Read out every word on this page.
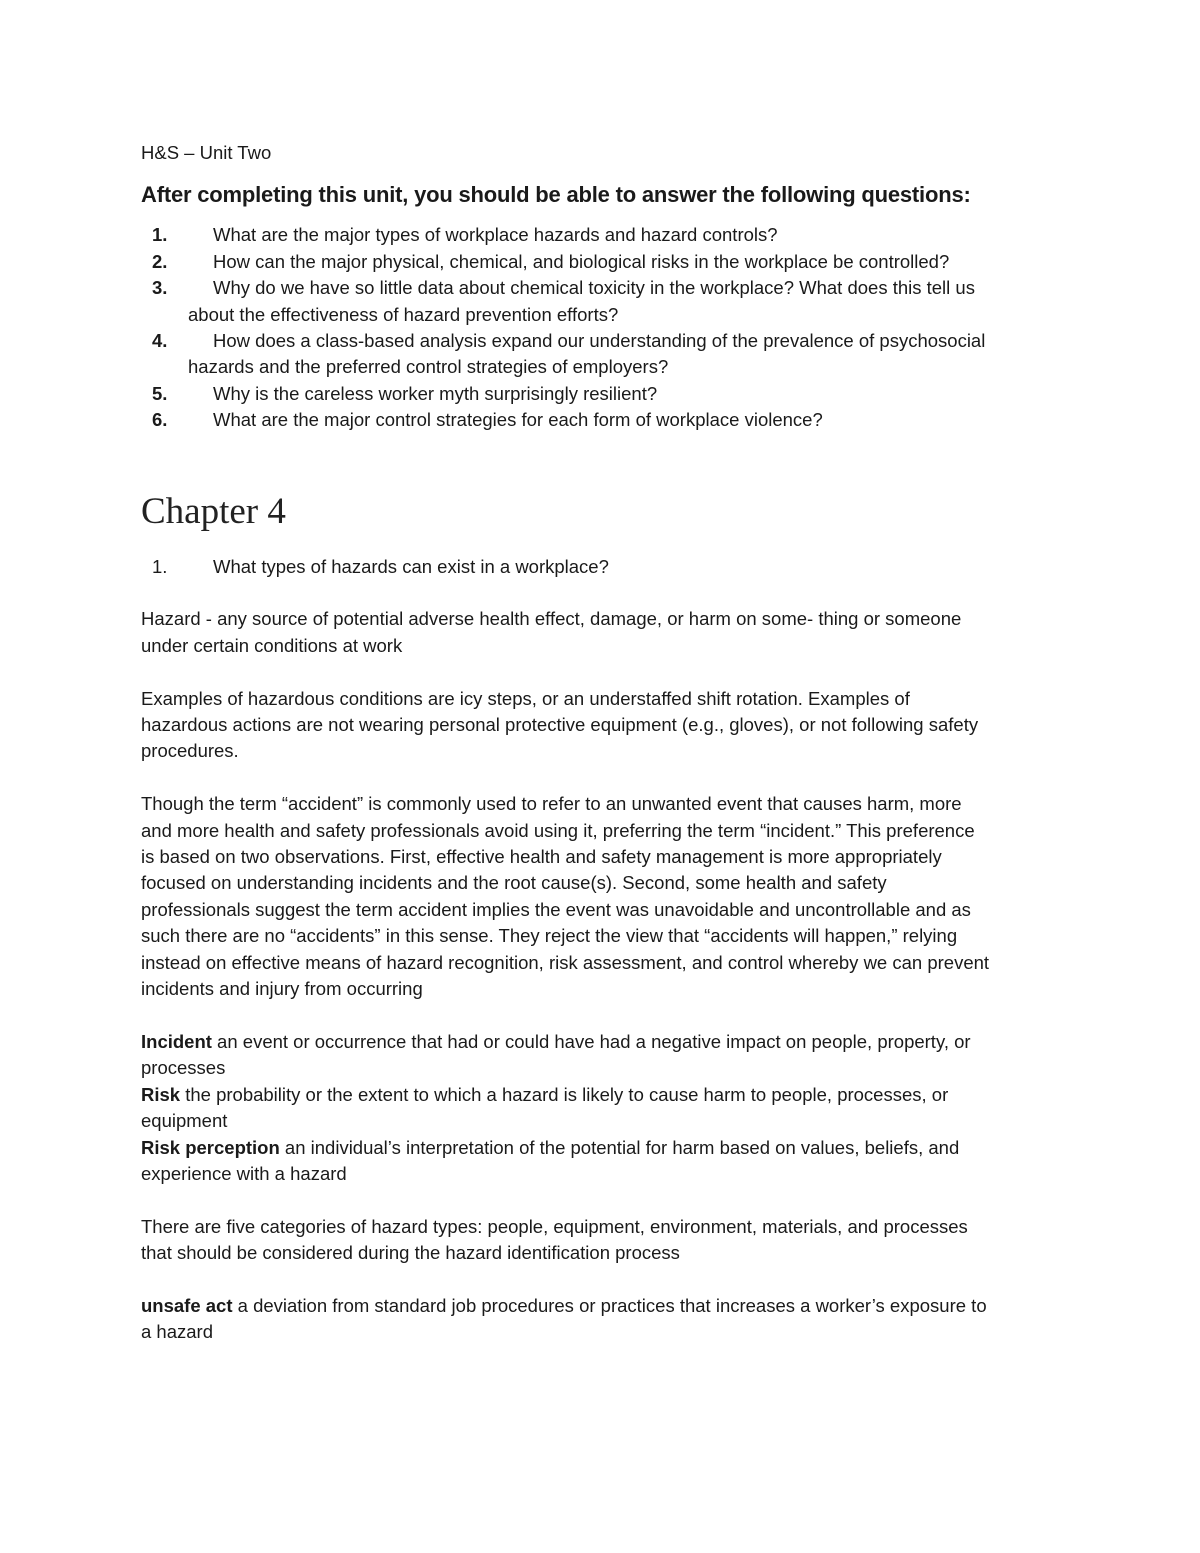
H&S – Unit Two

After completing this unit, you should be able to answer the following questions:

1. What are the major types of workplace hazards and hazard controls?
2. How can the major physical, chemical, and biological risks in the workplace be controlled?
3. Why do we have so little data about chemical toxicity in the workplace? What does this tell us about the effectiveness of hazard prevention efforts?
4. How does a class-based analysis expand our understanding of the prevalence of psychosocial hazards and the preferred control strategies of employers?
5. Why is the careless worker myth surprisingly resilient?
6. What are the major control strategies for each form of workplace violence?
Chapter 4
1. What types of hazards can exist in a workplace?

Hazard - any source of potential adverse health effect, damage, or harm on some- thing or someone under certain conditions at work

Examples of hazardous conditions are icy steps, or an understaffed shift rotation. Examples of hazardous actions are not wearing personal protective equipment (e.g., gloves), or not following safety procedures.

Though the term “accident” is commonly used to refer to an unwanted event that causes harm, more and more health and safety professionals avoid using it, preferring the term “incident.” This preference is based on two observations. First, effective health and safety management is more appropriately focused on understanding incidents and the root cause(s). Second, some health and safety professionals suggest the term accident implies the event was unavoidable and uncontrollable and as such there are no “accidents” in this sense. They reject the view that “accidents will happen,” relying instead on effective means of hazard recognition, risk assessment, and control whereby we can prevent incidents and injury from occurring

Incident an event or occurrence that had or could have had a negative impact on people, property, or processes

Risk the probability or the extent to which a hazard is likely to cause harm to people, processes, or equipment

Risk perception an individual’s interpretation of the potential for harm based on values, beliefs, and experience with a hazard

There are five categories of hazard types: people, equipment, environment, materials, and processes that should be considered during the hazard identification process

unsafe act a deviation from standard job procedures or practices that increases a worker’s exposure to a hazard
